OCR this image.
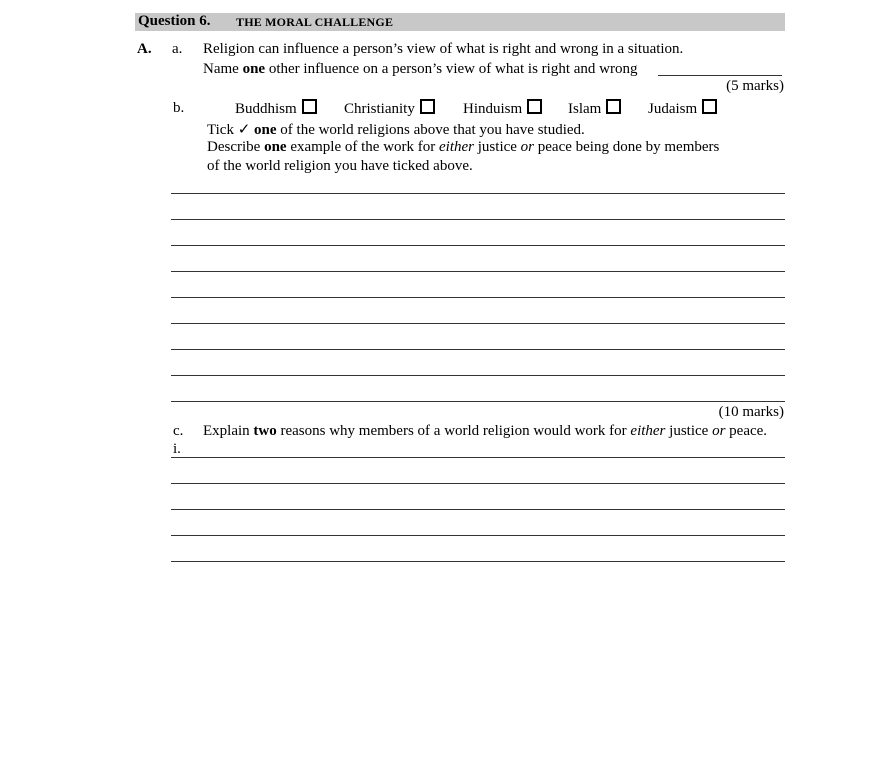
Question 6. THE MORAL CHALLENGE
A. a. Religion can influence a person’s view of what is right and wrong in a situation.
Name one other influence on a person’s view of what is right and wrong
(5 marks)
b.	Buddhism	Christianity	Hinduism	Islam	Judaism
Tick ✓ one of the world religions above that you have studied.
Describe one example of the work for either justice or peace being done by members
of the world religion you have ticked above.
(10 marks)
c. Explain two reasons why members of a world religion would work for either justice or peace.
i.
